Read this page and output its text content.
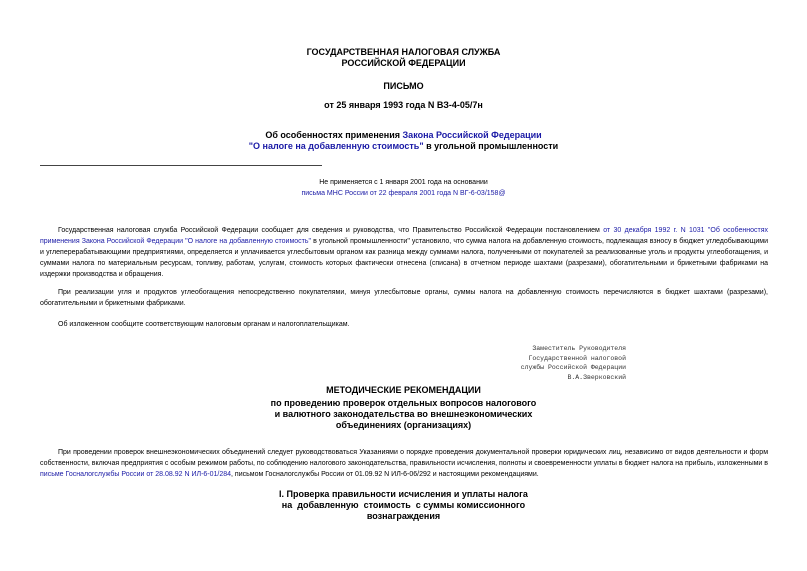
ГОСУДАРСТВЕННАЯ НАЛОГОВАЯ СЛУЖБА
РОССИЙСКОЙ ФЕДЕРАЦИИ
ПИСЬМО
от 25 января 1993 года N ВЗ-4-05/7н
Об особенностях применения Закона Российской Федерации
"О налоге на добавленную стоимость" в угольной промышленности
Не применяется с 1 января 2001 года на основании
письма МНС России от 22 февраля 2001 года N ВГ-6-03/158@
Государственная налоговая служба Российской Федерации сообщает для сведения и руководства, что Правительство Российской Федерации постановлением от 30 декабря 1992 г. N 1031 "Об особенностях применения Закона Российской Федерации "О налоге на добавленную стоимость" в угольной промышленности" установило, что сумма налога на добавленную стоимость, подлежащая взносу в бюджет угледобывающими и углеперерабатывающими предприятиями, определяется и уплачивается углесбытовым органом как разница между суммами налога, полученными от покупателей за реализованные уголь и продукты углеобогащения, и суммами налога по материальным ресурсам, топливу, работам, услугам, стоимость которых фактически отнесена (списана) в отчетном периоде шахтами (разрезами), обогатительными и брикетными фабриками на издержки производства и обращения.
При реализации угля и продуктов углеобогащения непосредственно покупателями, минуя углесбытовые органы, суммы налога на добавленную стоимость перечисляются в бюджет шахтами (разрезами), обогатительными и брикетными фабриками.
Об изложенном сообщите соответствующим налоговым органам и налогоплательщикам.
Заместитель Руководителя
Государственной налоговой
службы Российской Федерации
В.А.Зверковский
МЕТОДИЧЕСКИЕ РЕКОМЕНДАЦИИ
по проведению проверок отдельных вопросов налогового
и валютного законодательства во внешнеэкономических
объединениях (организациях)
При проведении проверок внешнеэкономических объединений следует руководствоваться Указаниями о порядке проведения документальной проверки юридических лиц, независимо от видов деятельности и форм собственности, включая предприятия с особым режимом работы, по соблюдению налогового законодательства, правильности исчисления, полноты и своевременности уплаты в бюджет налога на прибыль, изложенными в письме Госналогслужбы России от 28.08.92 N ИЛ-6-01/284, письмом Госналогслужбы России от 01.09.92 N ИЛ-6-06/292 и настоящими рекомендациями.
I. Проверка правильности исчисления и уплаты налога
на  добавленную  стоимость  с суммы комиссионного
вознаграждения
